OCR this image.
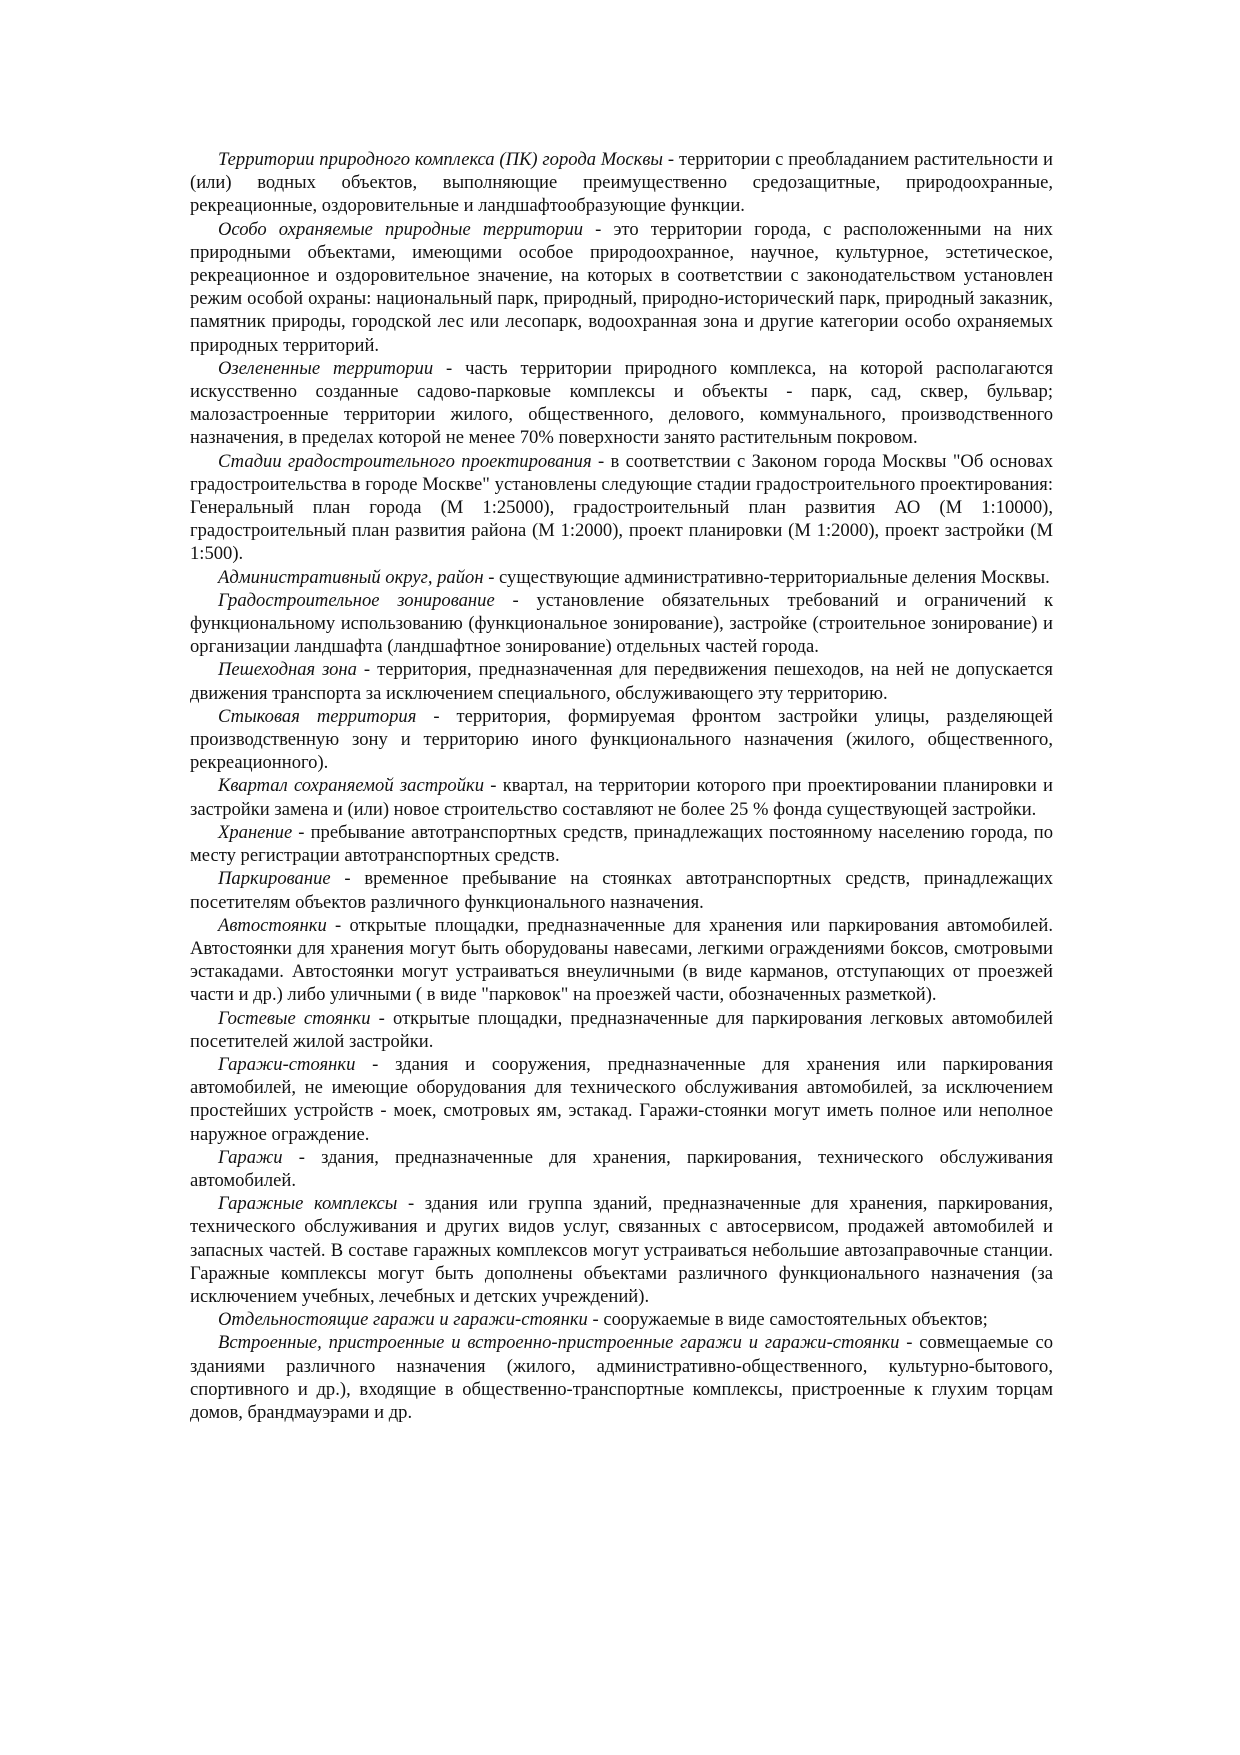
Территории природного комплекса (ПК) города Москвы - территории с преобладанием растительности и (или) водных объектов, выполняющие преимущественно средозащитные, природоохранные, рекреационные, оздоровительные и ландшафтообразующие функции.

Особо охраняемые природные территории - это территории города, с расположенными на них природными объектами, имеющими особое природоохранное, научное, культурное, эстетическое, рекреационное и оздоровительное значение, на которых в соответствии с законодательством установлен режим особой охраны: национальный парк, природный, природно-исторический парк, природный заказник, памятник природы, городской лес или лесопарк, водоохранная зона и другие категории особо охраняемых природных территорий.

Озелененные территории - часть территории природного комплекса, на которой располагаются искусственно созданные садово-парковые комплексы и объекты - парк, сад, сквер, бульвар; малозастроенные территории жилого, общественного, делового, коммунального, производственного назначения, в пределах которой не менее 70% поверхности занято растительным покровом.

Стадии градостроительного проектирования - в соответствии с Законом города Москвы "Об основах градостроительства в городе Москве" установлены следующие стадии градостроительного проектирования: Генеральный план города (М 1:25000), градостроительный план развития АО (М 1:10000), градостроительный план развития района (М 1:2000), проект планировки (М 1:2000), проект застройки (М 1:500).

Административный округ, район - существующие административно-территориальные деления Москвы.

Градостроительное зонирование - установление обязательных требований и ограничений к функциональному использованию (функциональное зонирование), застройке (строительное зонирование) и организации ландшафта (ландшафтное зонирование) отдельных частей города.

Пешеходная зона - территория, предназначенная для передвижения пешеходов, на ней не допускается движения транспорта за исключением специального, обслуживающего эту территорию.

Стыковая территория - территория, формируемая фронтом застройки улицы, разделяющей производственную зону и территорию иного функционального назначения (жилого, общественного, рекреационного).

Квартал сохраняемой застройки - квартал, на территории которого при проектировании планировки и застройки замена и (или) новое строительство составляют не более 25 % фонда существующей застройки.

Хранение - пребывание автотранспортных средств, принадлежащих постоянному населению города, по месту регистрации автотранспортных средств.

Паркирование - временное пребывание на стоянках автотранспортных средств, принадлежащих посетителям объектов различного функционального назначения.

Автостоянки - открытые площадки, предназначенные для хранения или паркирования автомобилей. Автостоянки для хранения могут быть оборудованы навесами, легкими ограждениями боксов, смотровыми эстакадами. Автостоянки могут устраиваться внеуличными (в виде карманов, отступающих от проезжей части и др.) либо уличными ( в виде "парковок" на проезжей части, обозначенных разметкой).

Гостевые стоянки - открытые площадки, предназначенные для паркирования легковых автомобилей посетителей жилой застройки.

Гаражи-стоянки - здания и сооружения, предназначенные для хранения или паркирования автомобилей, не имеющие оборудования для технического обслуживания автомобилей, за исключением простейших устройств - моек, смотровых ям, эстакад. Гаражи-стоянки могут иметь полное или неполное наружное ограждение.

Гаражи - здания, предназначенные для хранения, паркирования, технического обслуживания автомобилей.

Гаражные комплексы - здания или группа зданий, предназначенные для хранения, паркирования, технического обслуживания и других видов услуг, связанных с автосервисом, продажей автомобилей и запасных частей. В составе гаражных комплексов могут устраиваться небольшие автозаправочные станции. Гаражные комплексы могут быть дополнены объектами различного функционального назначения (за исключением учебных, лечебных и детских учреждений).

Отдельностоящие гаражи и гаражи-стоянки - сооружаемые в виде самостоятельных объектов;

Встроенные, пристроенные и встроенно-пристроенные гаражи и гаражи-стоянки - совмещаемые со зданиями различного назначения (жилого, административно-общественного, культурно-бытового, спортивного и др.), входящие в общественно-транспортные комплексы, пристроенные к глухим торцам домов, брандмауэрами и др.
